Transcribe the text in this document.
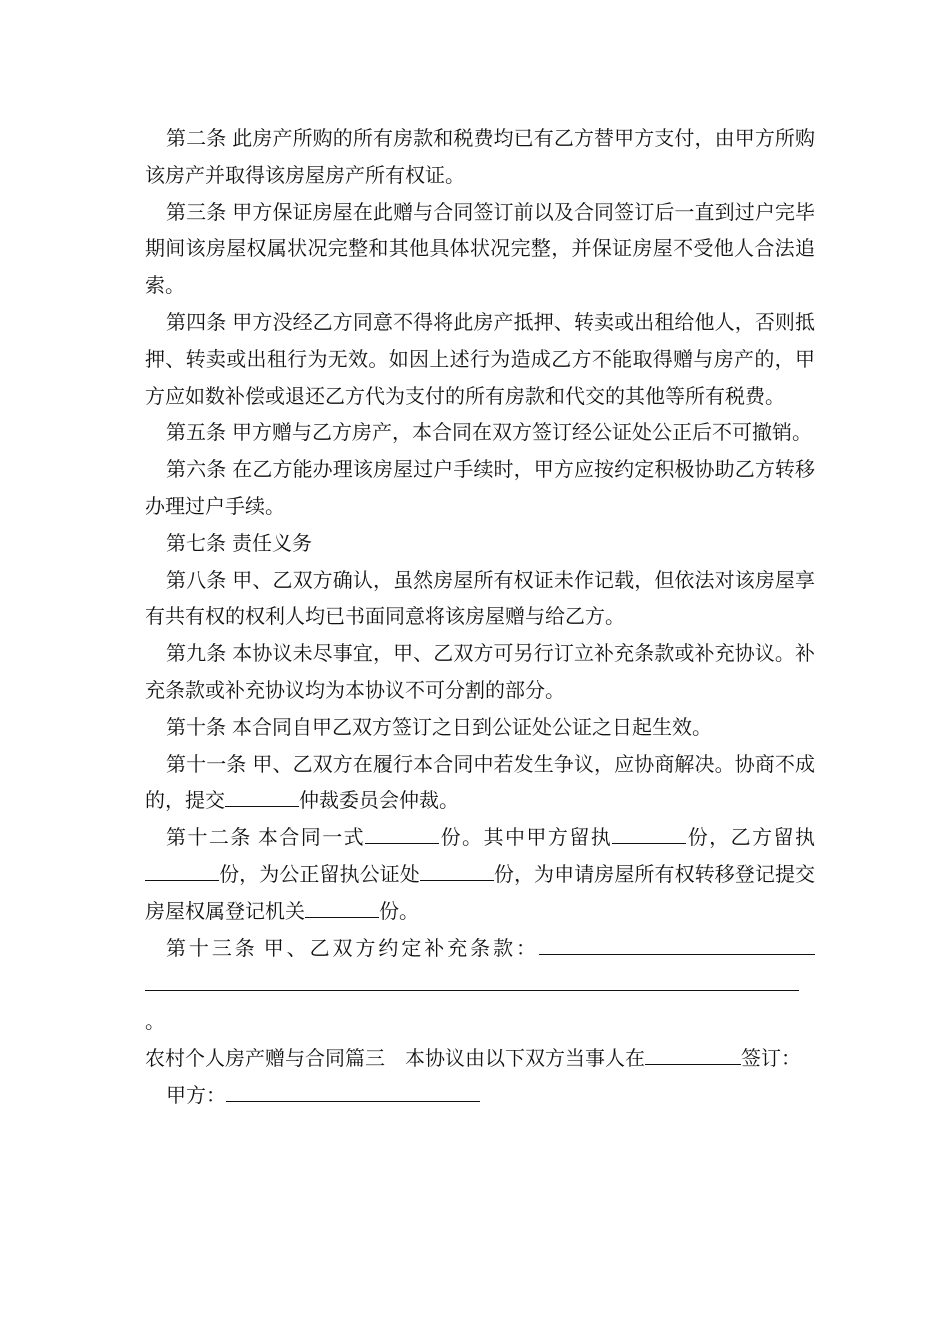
第二条 此房产所购的所有房款和税费均已有乙方替甲方支付，由甲方所购该房产并取得该房屋房产所有权证。

第三条 甲方保证房屋在此赠与合同签订前以及合同签订后一直到过户完毕期间该房屋权属状况完整和其他具体状况完整，并保证房屋不受他人合法追索。

第四条 甲方没经乙方同意不得将此房产抵押、转卖或出租给他人，否则抵押、转卖或出租行为无效。如因上述行为造成乙方不能取得赠与房产的，甲方应如数补偿或退还乙方代为支付的所有房款和代交的其他等所有税费。

第五条 甲方赠与乙方房产，本合同在双方签订经公证处公正后不可撤销。

第六条 在乙方能办理该房屋过户手续时，甲方应按约定积极协助乙方转移办理过户手续。

第七条 责任义务

第八条 甲、乙双方确认，虽然房屋所有权证未作记载，但依法对该房屋享有共有权的权利人均已书面同意将该房屋赠与给乙方。

第九条 本协议未尽事宜，甲、乙双方可另行订立补充条款或补充协议。补充条款或补充协议均为本协议不可分割的部分。

第十条 本合同自甲乙双方签订之日到公证处公证之日起生效。

第十一条 甲、乙双方在履行本合同中若发生争议，应协商解决。协商不成的，提交	仲裁委员会仲裁。

第十二条 本合同一式	份。其中甲方留执	份，乙方留执份，为公正留执公证处	份，为申请房屋所有权转移登记提交房屋权属登记机关	份。

第十三条 甲、乙双方约定补充条款：。

农村个人房产赠与合同篇三　本协议由以下双方当事人在	签订：

甲方：
